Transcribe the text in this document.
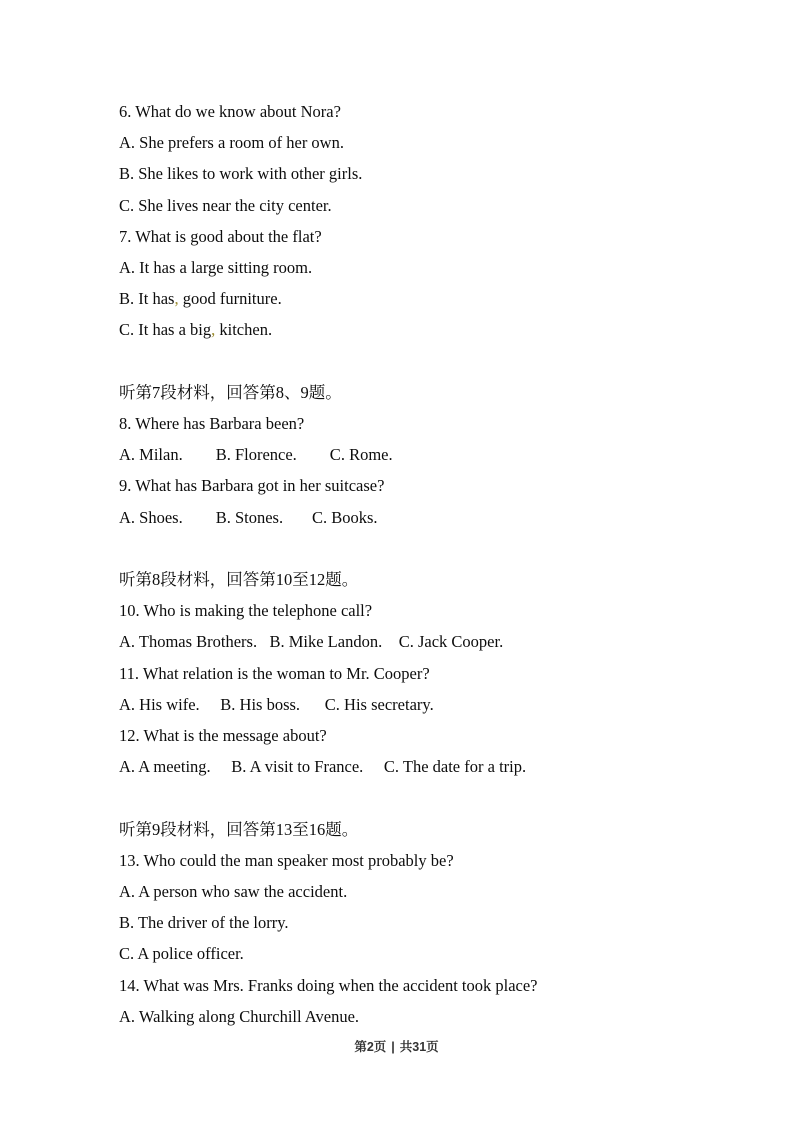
6. What do we know about Nora?

A. She prefers a room of her own.

B. She likes to work with other girls.

C. She lives near the city center.

7. What is good about the flat?

A. It has a large sitting room.

B. It has, good furniture.

C. It has a big, kitchen.

听第7段材料，回答第8、9题。

8. Where has Barbara been?

A. Milan.        B. Florence.        C. Rome.

9. What has Barbara got in her suitcase?

A. Shoes.        B. Stones.       C. Books.

听第8段材料，回答第10至12题。

10. Who is making the telephone call?

A. Thomas Brothers.   B. Mike Landon.    C. Jack Cooper.

11. What relation is the woman to Mr. Cooper?

A. His wife.     B. His boss.      C. His secretary.

12. What is the message about?

A. A meeting.     B. A visit to France.     C. The date for a trip.

听第9段材料，回答第13至16题。

13. Who could the man speaker most probably be?

A. A person who saw the accident.

B. The driver of the lorry.

C. A police officer.

14. What was Mrs. Franks doing when the accident took place?

A. Walking along Churchill Avenue.

第2页 | 共31页
